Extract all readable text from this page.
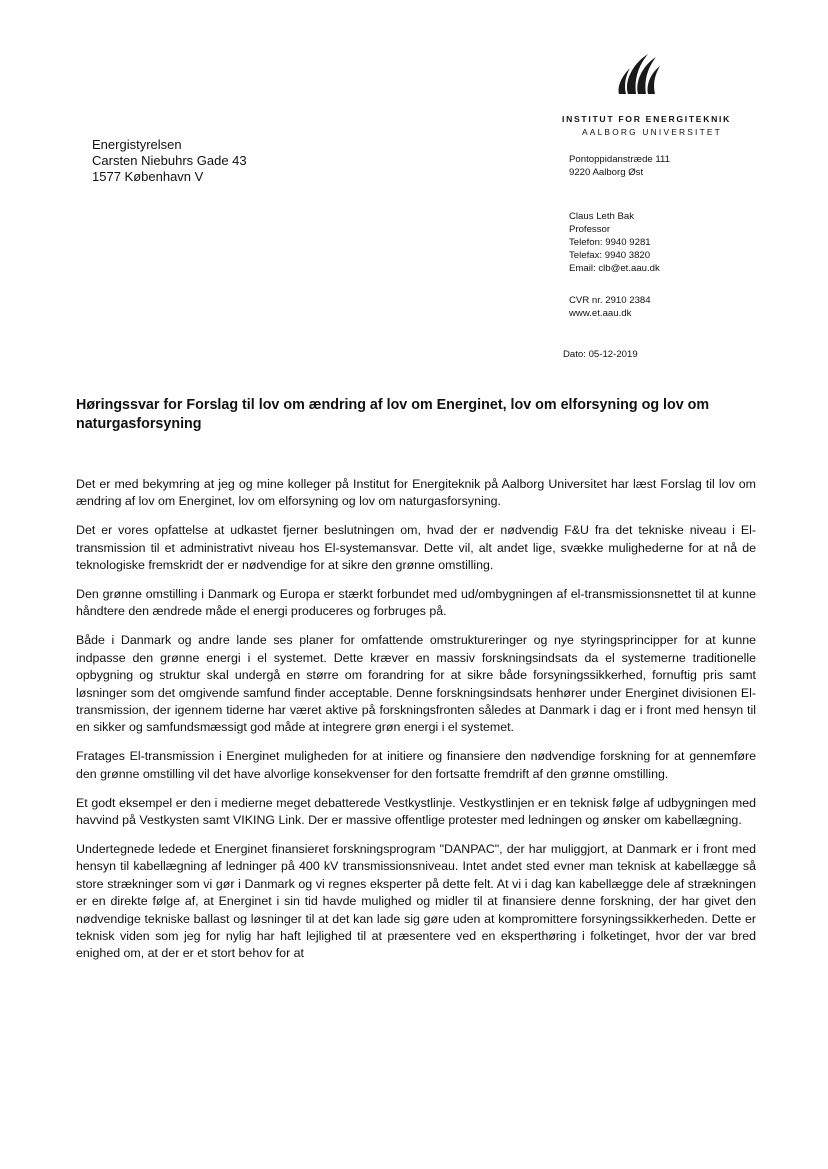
INSTITUT FOR ENERGITEKNIK
AALBORG UNIVERSITET
Energistyrelsen
Carsten Niebuhrs Gade 43
1577 København V
Pontoppidanstræde 111
9220 Aalborg Øst
Claus Leth Bak
Professor
Telefon: 9940 9281
Telefax: 9940 3820
Email: clb@et.aau.dk
CVR nr. 2910 2384
www.et.aau.dk
Dato: 05-12-2019
Høringssvar for Forslag til lov om ændring af lov om Energinet, lov om elforsyning og lov om naturgasforsyning

Det er med bekymring at jeg og mine kolleger på Institut for Energiteknik på Aalborg Universitet har læst Forslag til lov om ændring af lov om Energinet, lov om elforsyning og lov om naturgasforsyning.

Det er vores opfattelse at udkastet fjerner beslutningen om, hvad der er nødvendig F&U fra det tekniske niveau i El-transmission til et administrativt niveau hos El-systemansvar. Dette vil, alt andet lige, svække mulighederne for at nå de teknologiske fremskridt der er nødvendige for at sikre den grønne omstilling.

Den grønne omstilling i Danmark og Europa er stærkt forbundet med ud/ombygningen af el-transmissionsnettet til at kunne håndtere den ændrede måde el energi produceres og forbruges på.

Både i Danmark og andre lande ses planer for omfattende omstruktureringer og nye styringsprincipper for at kunne indpasse den grønne energi i el systemet. Dette kræver en massiv forskningsindsats da el systemerne traditionelle opbygning og struktur skal undergå en større om forandring for at sikre både forsyningssikkerhed, fornuftig pris samt løsninger som det omgivende samfund finder acceptable. Denne forskningsindsats henhører under Energinet divisionen El-transmission, der igennem tiderne har været aktive på forskningsfronten således at Danmark i dag er i front med hensyn til en sikker og samfundsmæssigt god måde at integrere grøn energi i el systemet.

Fratages El-transmission i Energinet muligheden for at initiere og finansiere den nødvendige forskning for at gennemføre den grønne omstilling vil det have alvorlige konsekvenser for den fortsatte fremdrift af den grønne omstilling.

Et godt eksempel er den i medierne meget debatterede Vestkystlinje. Vestkystlinjen er en teknisk følge af udbygningen med havvind på Vestkysten samt VIKING Link. Der er massive offentlige protester med ledningen og ønsker om kabellægning.

Undertegnede ledede et Energinet finansieret forskningsprogram "DANPAC", der har muliggjort, at Danmark er i front med hensyn til kabellægning af ledninger på 400 kV transmissionsniveau. Intet andet sted evner man teknisk at kabellægge så store strækninger som vi gør i Danmark og vi regnes eksperter på dette felt. At vi i dag kan kabellægge dele af strækningen er en direkte følge af, at Energinet i sin tid havde mulighed og midler til at finansiere denne forskning, der har givet den nødvendige tekniske ballast og løsninger til at det kan lade sig gøre uden at kompromittere forsyningssikkerheden. Dette er teknisk viden som jeg for nylig har haft lejlighed til at præsentere ved en eksperthøring i folketinget, hvor der var bred enighed om, at der er et stort behov for at
